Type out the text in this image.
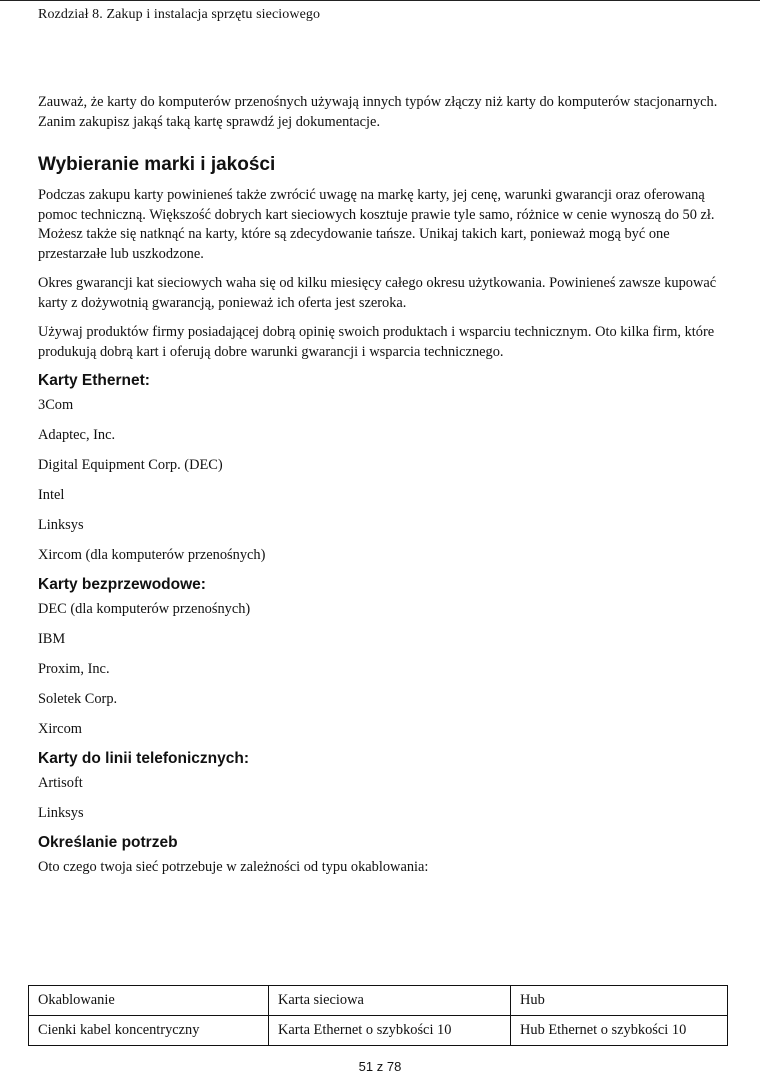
Rozdział 8. Zakup i instalacja sprzętu sieciowego

Zauważ, że karty do komputerów przenośnych używają innych typów złączy niż karty do komputerów stacjonarnych. Zanim zakupisz jakąś taką kartę sprawdź jej dokumentacje.

Wybieranie marki i jakości

Podczas zakupu karty powinieneś także zwrócić uwagę na markę karty, jej cenę, warunki gwarancji oraz oferowaną pomoc techniczną. Większość dobrych kart sieciowych kosztuje prawie tyle samo, różnice w cenie wynoszą do 50 zł. Możesz także się natknąć na karty, które są zdecydowanie tańsze. Unikaj takich kart, ponieważ mogą być one przestarzałe lub uszkodzone.

Okres gwarancji kat sieciowych waha się od kilku miesięcy całego okresu użytkowania. Powinieneś zawsze kupować karty z dożywotnią gwarancją, ponieważ ich oferta jest szeroka.

Używaj produktów firmy posiadającej dobrą opinię swoich produktach i wsparciu technicznym. Oto kilka firm, które produkują dobrą kart i oferują dobre warunki gwarancji i wsparcia technicznego.

Karty Ethernet:
3Com
Adaptec, Inc.
Digital Equipment Corp. (DEC)
Intel
Linksys
Xircom (dla komputerów przenośnych)
Karty bezprzewodowe:
DEC (dla komputerów przenośnych)
IBM
Proxim, Inc.
Soletek Corp.
Xircom
Karty do linii telefonicznych:
Artisoft
Linksys
Określanie potrzeb

Oto czego twoja sieć potrzebuje w zależności od typu okablowania:

Okablowanie	Karta sieciowa	Hub
Cienki kabel koncentryczny	Karta Ethernet o szybkości 10	Hub Ethernet o szybkości 10
51 z 78
